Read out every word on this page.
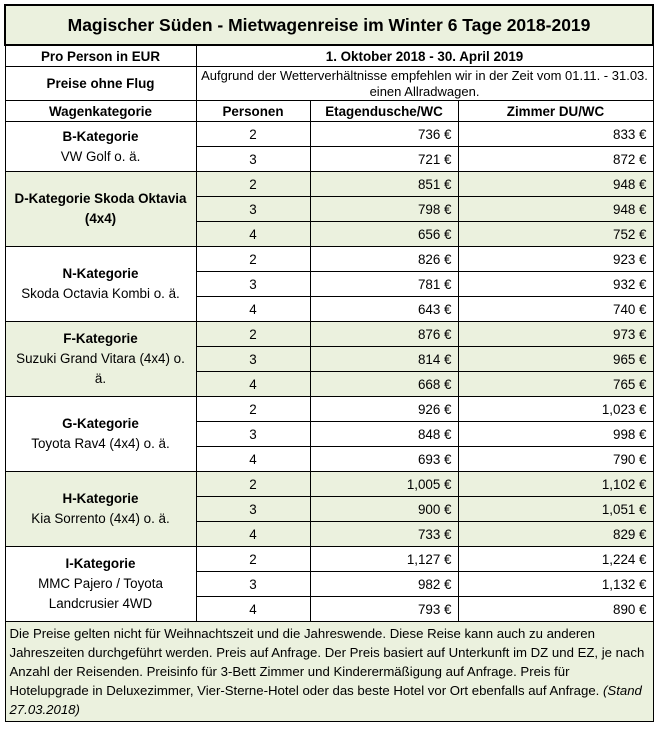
Magischer Süden - Mietwagenreise im Winter 6 Tage 2018-2019			
Pro Person in EUR	1. Oktober 2018 - 30. April 2019		
Preise ohne Flug	Aufgrund der Wetterverhältnisse empfehlen wir in der Zeit vom 01.11. - 31.03. einen Allradwagen.		
Wagenkategorie	Personen	Etagendusche/WC	Zimmer DU/WC

B-Kategorie
VW Golf o. ä.	2	736 €	833 €
	3	721 €	872 €

D-Kategorie Skoda Oktavia (4x4)	2	851 €	948 €
	3	798 €	948 €
	4	656 €	752 €

N-Kategorie
Skoda Octavia Kombi o. ä.	2	826 €	923 €
	3	781 €	932 €
	4	643 €	740 €

F-Kategorie
Suzuki Grand Vitara (4x4) o. ä.	2	876 €	973 €
	3	814 €	965 €
	4	668 €	765 €

G-Kategorie
Toyota Rav4 (4x4) o. ä.	2	926 €	1,023 €
	3	848 €	998 €
	4	693 €	790 €

H-Kategorie
Kia Sorrento (4x4) o. ä.	2	1,005 €	1,102 €
	3	900 €	1,051 €
	4	733 €	829 €

I-Kategorie
MMC Pajero / Toyota Landcrusier 4WD	2	1,127 €	1,224 €
	3	982 €	1,132 €
	4	793 €	890 €
Die Preise gelten nicht für Weihnachtszeit und die Jahreswende. Diese Reise kann auch zu anderen Jahreszeiten durchgeführt werden. Preis auf Anfrage. Der Preis basiert auf Unterkunft im DZ und EZ, je nach Anzahl der Reisenden. Preisinfo für 3-Bett Zimmer und Kinderermäßigung auf Anfrage. Preis für Hotelupgrade in Deluxezimmer, Vier-Sterne-Hotel oder das beste Hotel vor Ort ebenfalls auf Anfrage. (Stand 27.03.2018)			
